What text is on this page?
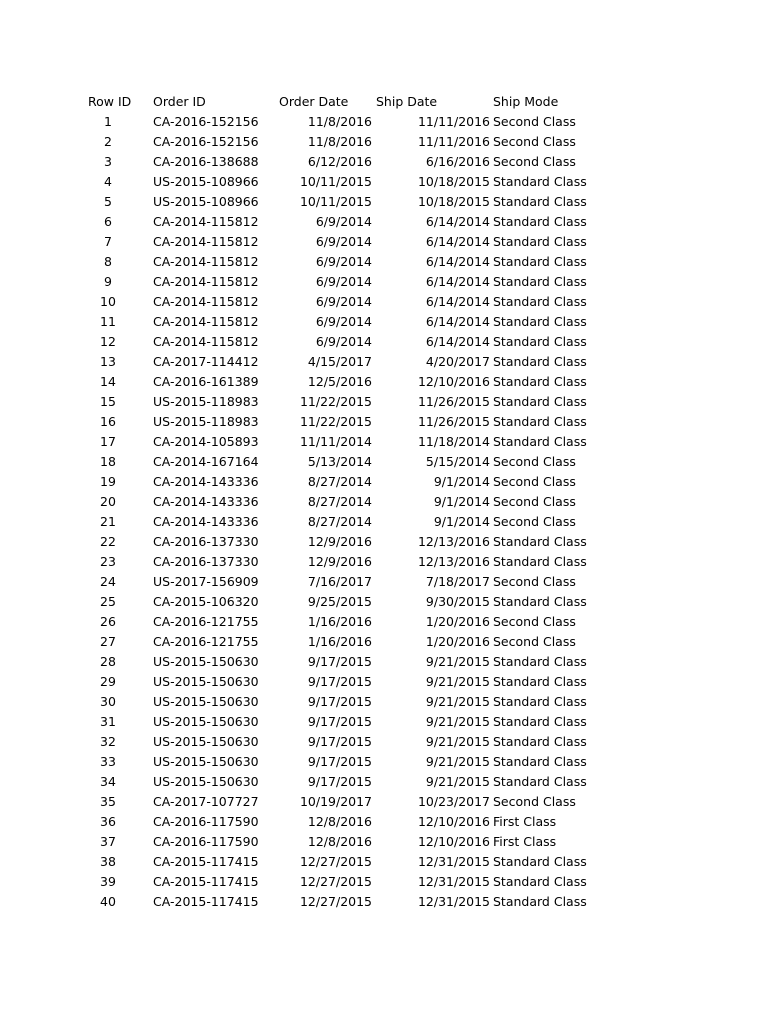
Row ID	Order ID	Order Date	Ship Date	Ship Mode
1	CA-2016-152156	11/8/2016	11/11/2016 Second Class
2	CA-2016-152156	11/8/2016	11/11/2016 Second Class
3	CA-2016-138688	6/12/2016	6/16/2016 Second Class
4	US-2015-108966	10/11/2015	10/18/2015 Standard Class
5	US-2015-108966	10/11/2015	10/18/2015 Standard Class
6	CA-2014-115812	6/9/2014	6/14/2014 Standard Class
7	CA-2014-115812	6/9/2014	6/14/2014 Standard Class
8	CA-2014-115812	6/9/2014	6/14/2014 Standard Class
9	CA-2014-115812	6/9/2014	6/14/2014 Standard Class
10	CA-2014-115812	6/9/2014	6/14/2014 Standard Class
11	CA-2014-115812	6/9/2014	6/14/2014 Standard Class
12	CA-2014-115812	6/9/2014	6/14/2014 Standard Class
13	CA-2017-114412	4/15/2017	4/20/2017 Standard Class
14	CA-2016-161389	12/5/2016	12/10/2016 Standard Class
15	US-2015-118983	11/22/2015	11/26/2015 Standard Class
16	US-2015-118983	11/22/2015	11/26/2015 Standard Class
17	CA-2014-105893	11/11/2014	11/18/2014 Standard Class
18	CA-2014-167164	5/13/2014	5/15/2014 Second Class
19	CA-2014-143336	8/27/2014	9/1/2014 Second Class
20	CA-2014-143336	8/27/2014	9/1/2014 Second Class
21	CA-2014-143336	8/27/2014	9/1/2014 Second Class
22	CA-2016-137330	12/9/2016	12/13/2016 Standard Class
23	CA-2016-137330	12/9/2016	12/13/2016 Standard Class
24	US-2017-156909	7/16/2017	7/18/2017 Second Class
25	CA-2015-106320	9/25/2015	9/30/2015 Standard Class
26	CA-2016-121755	1/16/2016	1/20/2016 Second Class
27	CA-2016-121755	1/16/2016	1/20/2016 Second Class
28	US-2015-150630	9/17/2015	9/21/2015 Standard Class
29	US-2015-150630	9/17/2015	9/21/2015 Standard Class
30	US-2015-150630	9/17/2015	9/21/2015 Standard Class
31	US-2015-150630	9/17/2015	9/21/2015 Standard Class
32	US-2015-150630	9/17/2015	9/21/2015 Standard Class
33	US-2015-150630	9/17/2015	9/21/2015 Standard Class
34	US-2015-150630	9/17/2015	9/21/2015 Standard Class
35	CA-2017-107727	10/19/2017	10/23/2017 Second Class
36	CA-2016-117590	12/8/2016	12/10/2016 First Class
37	CA-2016-117590	12/8/2016	12/10/2016 First Class
38	CA-2015-117415	12/27/2015	12/31/2015 Standard Class
39	CA-2015-117415	12/27/2015	12/31/2015 Standard Class
40	CA-2015-117415	12/27/2015	12/31/2015 Standard Class
